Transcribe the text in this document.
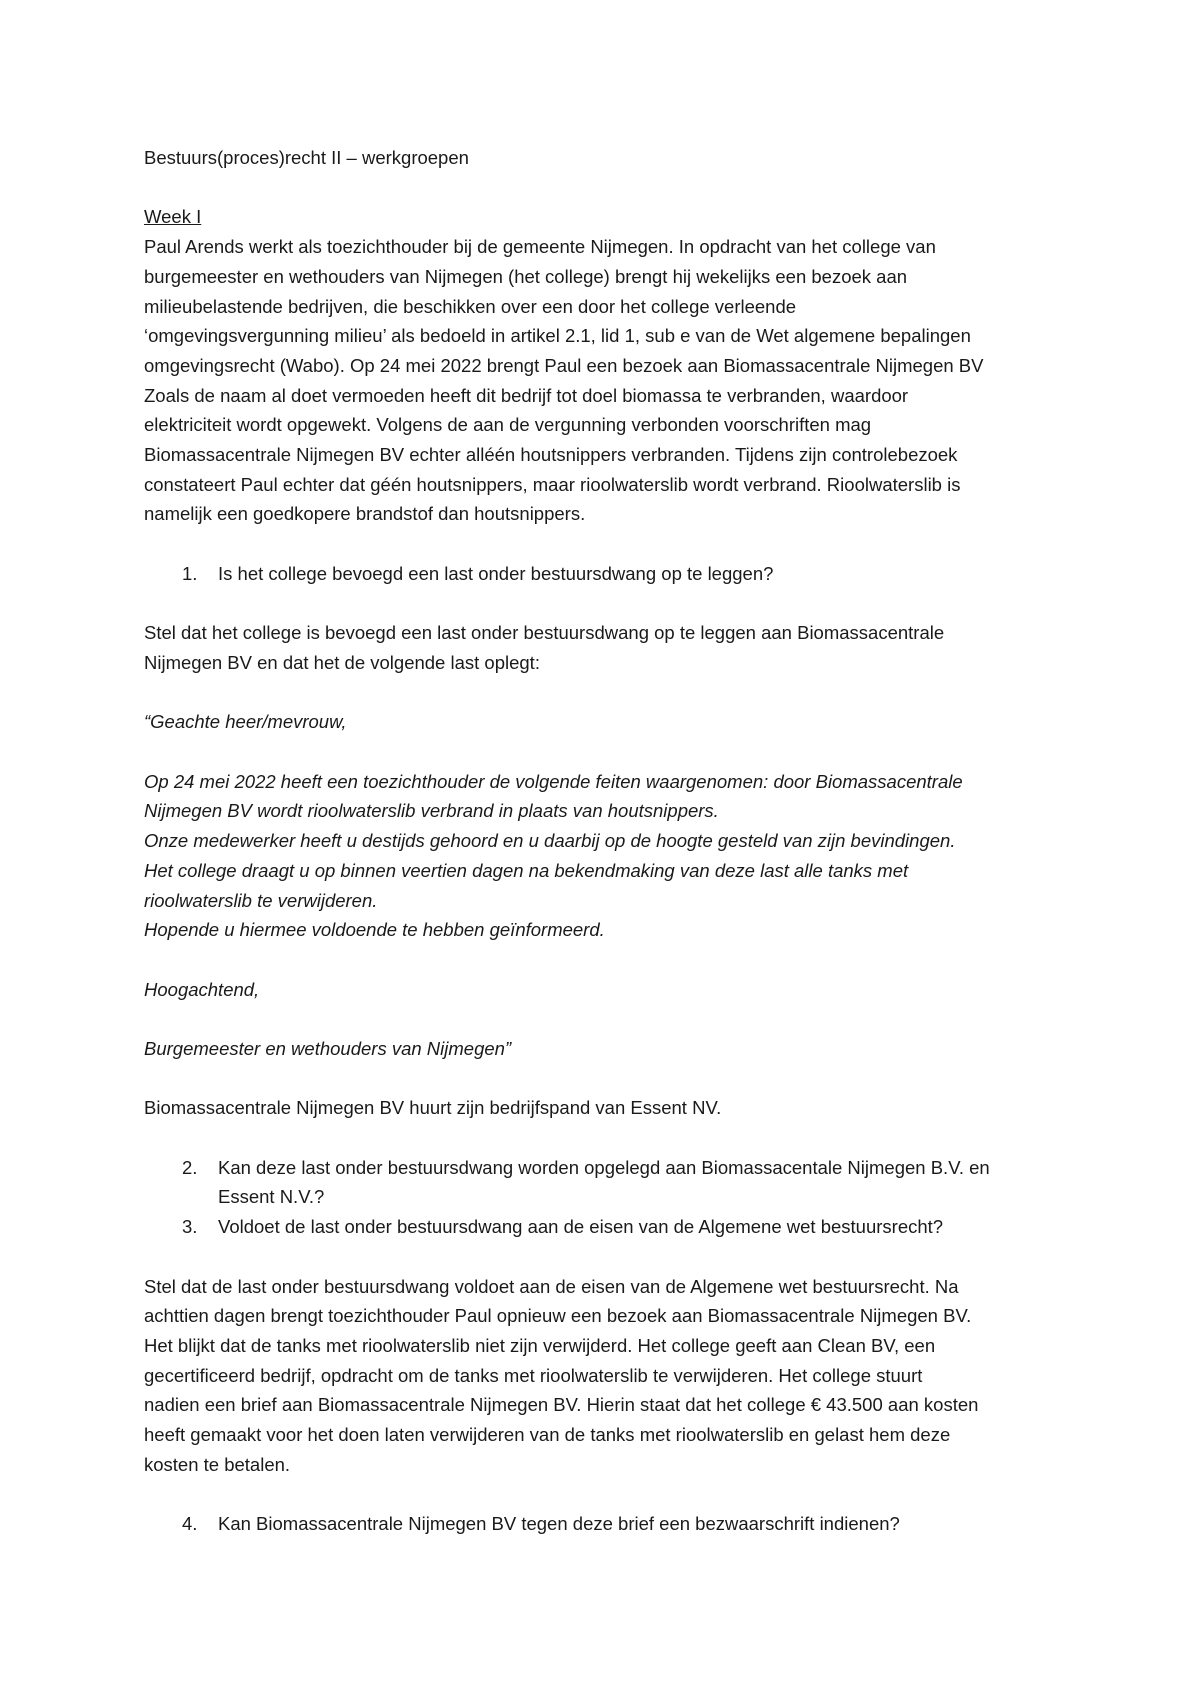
Bestuurs(proces)recht II – werkgroepen

Week I

Paul Arends werkt als toezichthouder bij de gemeente Nijmegen. In opdracht van het college van

burgemeester en wethouders van Nijmegen (het college) brengt hij wekelijks een bezoek aan

milieubelastende bedrijven, die beschikken over een door het college verleende

‘omgevingsvergunning milieu’ als bedoeld in artikel 2.1, lid 1, sub e van de Wet algemene bepalingen

omgevingsrecht (Wabo). Op 24 mei 2022 brengt Paul een bezoek aan Biomassacentrale Nijmegen BV

Zoals de naam al doet vermoeden heeft dit bedrijf tot doel biomassa te verbranden, waardoor

elektriciteit wordt opgewekt. Volgens de aan de vergunning verbonden voorschriften mag

Biomassacentrale Nijmegen BV echter alléén houtsnippers verbranden. Tijdens zijn controlebezoek

constateert Paul echter dat géén houtsnippers, maar rioolwaterslib wordt verbrand. Rioolwaterslib is

namelijk een goedkopere brandstof dan houtsnippers.

1. Is het college bevoegd een last onder bestuursdwang op te leggen?

Stel dat het college is bevoegd een last onder bestuursdwang op te leggen aan Biomassacentrale

Nijmegen BV en dat het de volgende last oplegt:

“Geachte heer/mevrouw,

Op 24 mei 2022 heeft een toezichthouder de volgende feiten waargenomen: door Biomassacentrale

Nijmegen BV wordt rioolwaterslib verbrand in plaats van houtsnippers.

Onze medewerker heeft u destijds gehoord en u daarbij op de hoogte gesteld van zijn bevindingen.

Het college draagt u op binnen veertien dagen na bekendmaking van deze last alle tanks met

rioolwaterslib te verwijderen.

Hopende u hiermee voldoende te hebben geïnformeerd.

Hoogachtend,

Burgemeester en wethouders van Nijmegen”

Biomassacentrale Nijmegen BV huurt zijn bedrijfspand van Essent NV.

2. Kan deze last onder bestuursdwang worden opgelegd aan Biomassacentale Nijmegen B.V. en

Essent N.V.?

3. Voldoet de last onder bestuursdwang aan de eisen van de Algemene wet bestuursrecht?

Stel dat de last onder bestuursdwang voldoet aan de eisen van de Algemene wet bestuursrecht. Na

achttien dagen brengt toezichthouder Paul opnieuw een bezoek aan Biomassacentrale Nijmegen BV.

Het blijkt dat de tanks met rioolwaterslib niet zijn verwijderd. Het college geeft aan Clean BV, een

gecertificeerd bedrijf, opdracht om de tanks met rioolwaterslib te verwijderen. Het college stuurt

nadien een brief aan Biomassacentrale Nijmegen BV. Hierin staat dat het college € 43.500 aan kosten

heeft gemaakt voor het doen laten verwijderen van de tanks met rioolwaterslib en gelast hem deze

kosten te betalen.

4. Kan Biomassacentrale Nijmegen BV tegen deze brief een bezwaarschrift indienen?
